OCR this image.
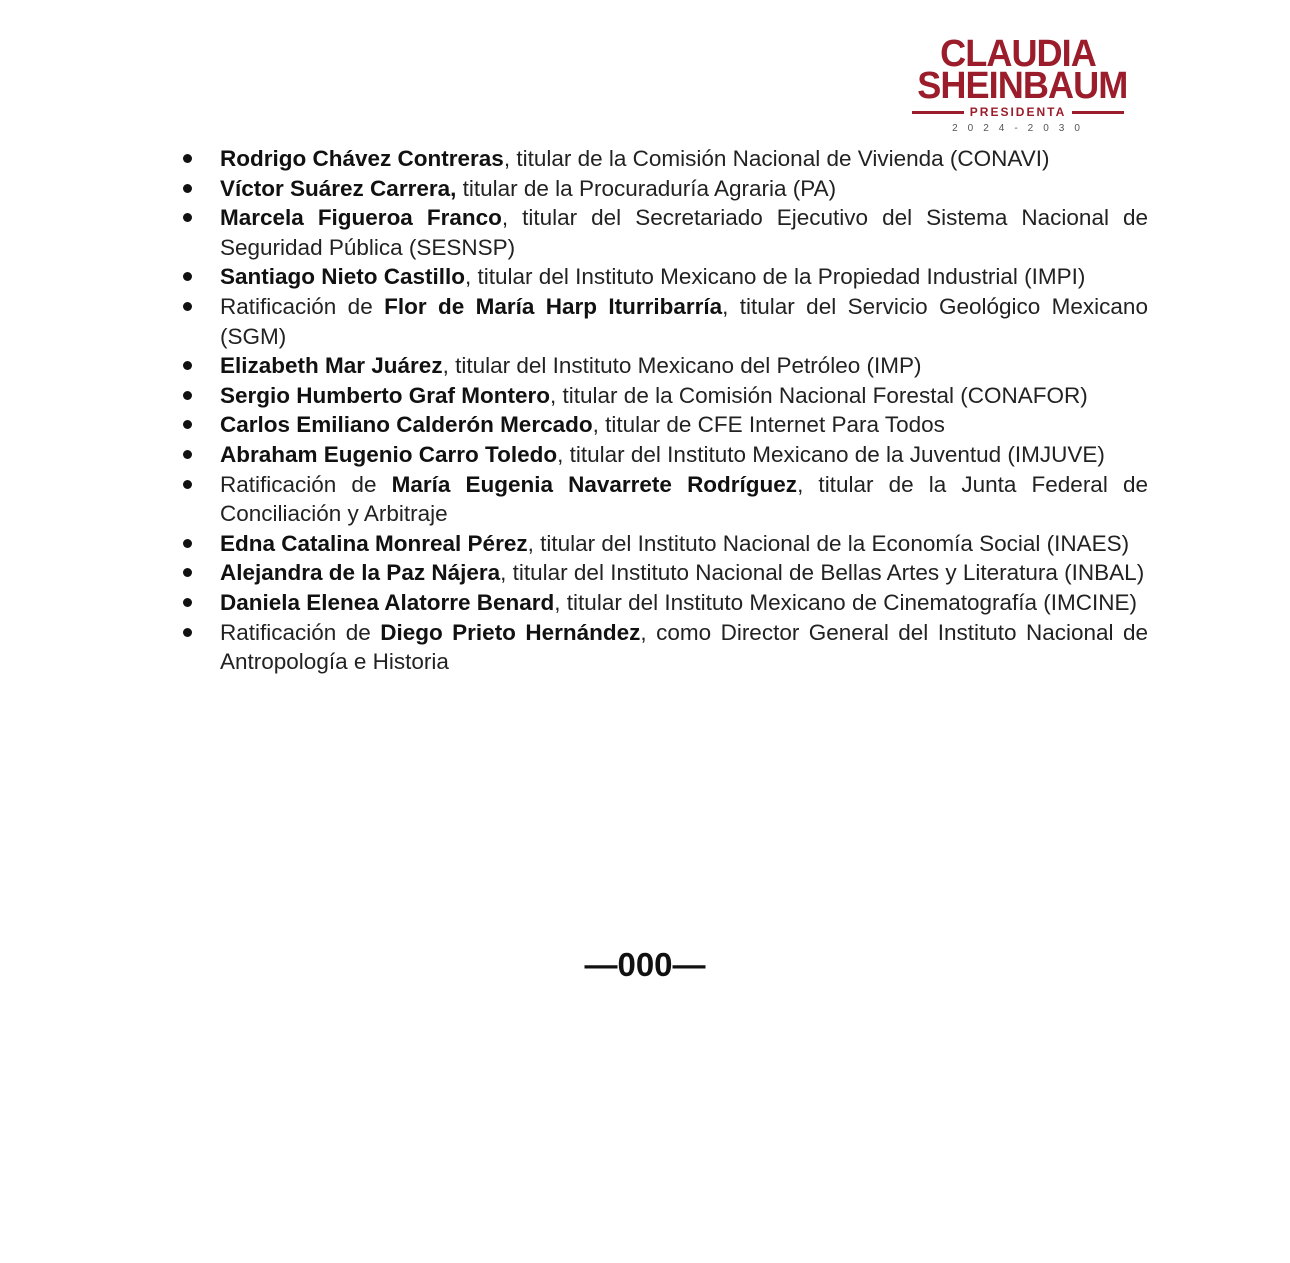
CLAUDIA
SHEINBAUM
PRESIDENTA
2024-2030
Rodrigo Chávez Contreras, titular de la Comisión Nacional de Vivienda (CONAVI)
Víctor Suárez Carrera, titular de la Procuraduría Agraria (PA)
Marcela Figueroa Franco, titular del Secretariado Ejecutivo del Sistema Nacional de Seguridad Pública (SESNSP)
Santiago Nieto Castillo, titular del Instituto Mexicano de la Propiedad Industrial (IMPI)
Ratificación de Flor de María Harp Iturribarría, titular del Servicio Geológico Mexicano (SGM)
Elizabeth Mar Juárez, titular del Instituto Mexicano del Petróleo (IMP)
Sergio Humberto Graf Montero, titular de la Comisión Nacional Forestal (CONAFOR)
Carlos Emiliano Calderón Mercado, titular de CFE Internet Para Todos
Abraham Eugenio Carro Toledo, titular del Instituto Mexicano de la Juventud (IMJUVE)
Ratificación de María Eugenia Navarrete Rodríguez, titular de la Junta Federal de Conciliación y Arbitraje
Edna Catalina Monreal Pérez, titular del Instituto Nacional de la Economía Social (INAES)
Alejandra de la Paz Nájera, titular del Instituto Nacional de Bellas Artes y Literatura (INBAL)
Daniela Elenea Alatorre Benard, titular del Instituto Mexicano de Cinematografía (IMCINE)
Ratificación de Diego Prieto Hernández, como Director General del Instituto Nacional de Antropología e Historia
—000—
